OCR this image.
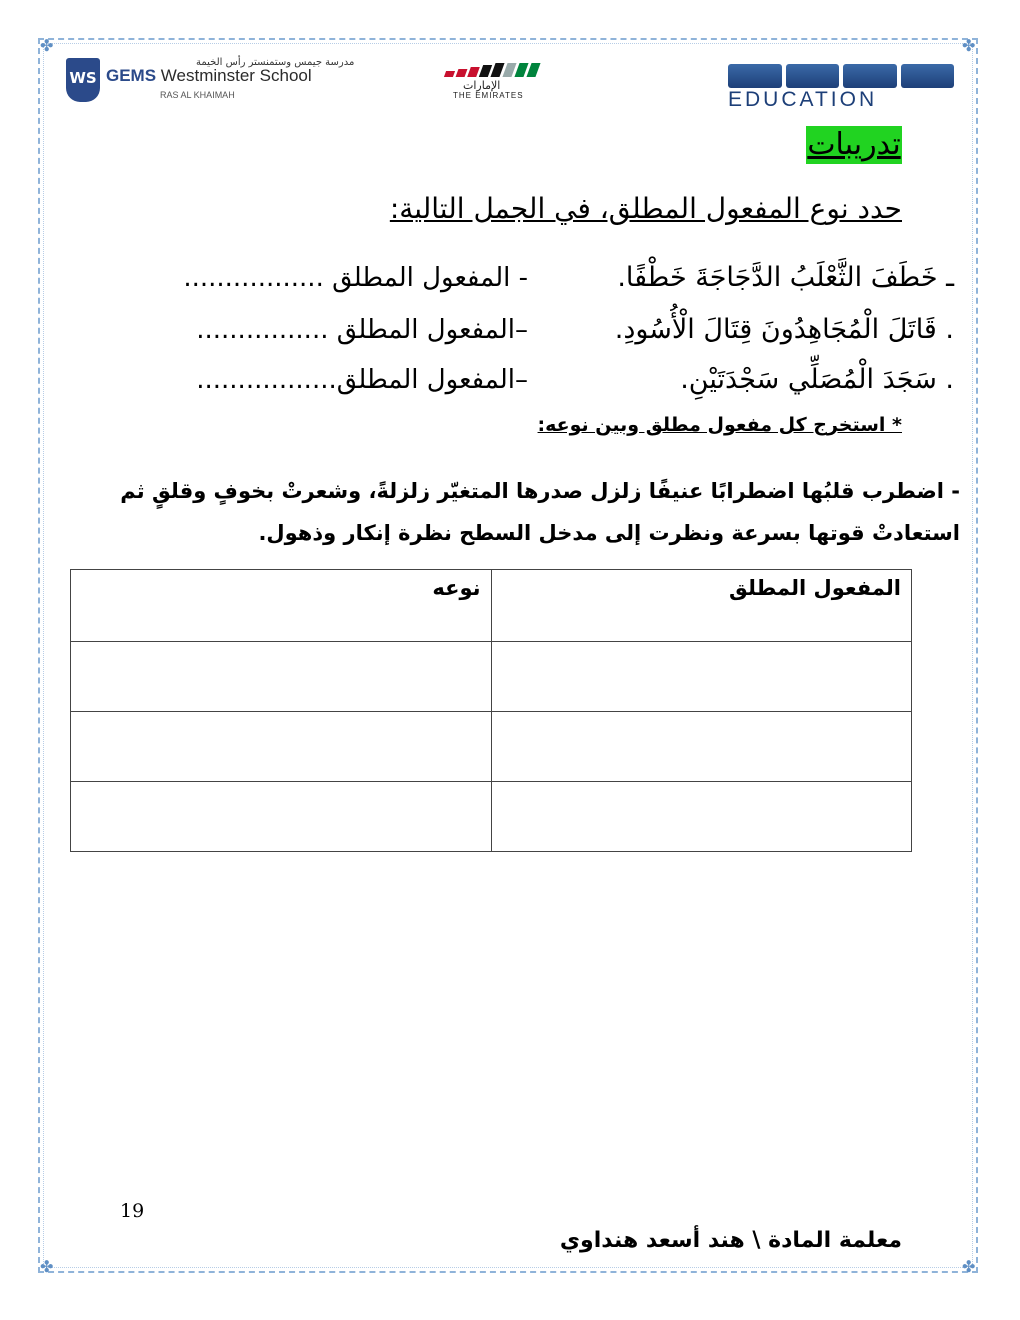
✤	✤
✤	✤
WS
مدرسة جيمس وستمنستر رأس الخيمة
GEMS Westminster School
RAS AL KHAIMAH
الإمارات
THE EMIRATES	EDUCATION
تدريبات
حدد نوع المفعول المطلق، في الجمل التالية:
ـ خَطَفَ الثَّعْلَبُ الدَّجَاجَةَ خَطْفًا.
- المفعول المطلق .................
. قَاتَلَ الْمُجَاهِدُونَ قِتَالَ الْأُسُودِ.
–المفعول المطلق ................
. سَجَدَ الْمُصَلِّي سَجْدَتَيْنِ.
–المفعول المطلق.................
* استخرج كل مفعول مطلق وبين نوعه:
- اضطرب قلبُها اضطرابًا عنيفًا زلزل صدرها المتغيّر زلزلةً، وشعرتْ بخوفٍ وقلقٍ ثم استعادتْ قوتها بسرعة ونظرت إلى مدخل السطح نظرة إنكار وذهول.
المفعول المطلق	نوعه

19
معلمة المادة \ هند أسعد هنداوي
